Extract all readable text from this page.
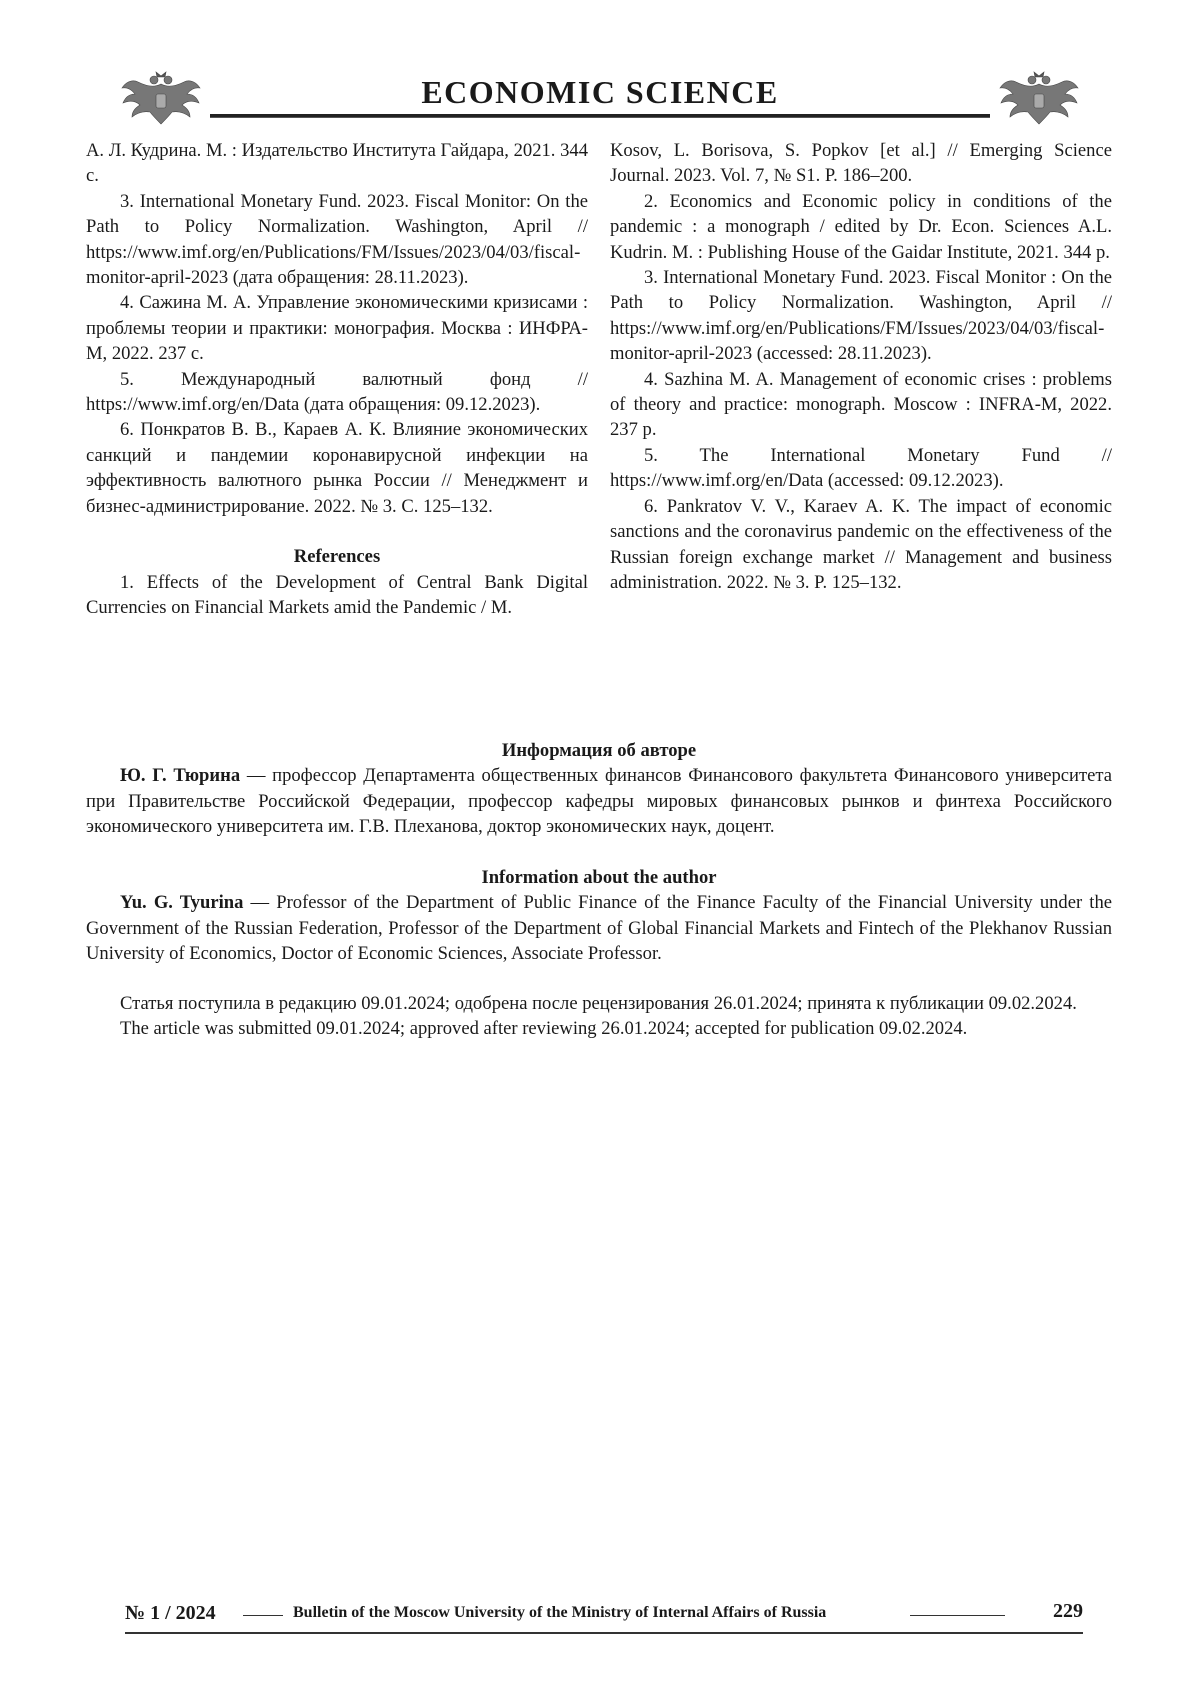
ECONOMIC SCIENCE

А. Л. Кудрина. М. : Издательство Института Гайдара, 2021. 344 с.

3. International Monetary Fund. 2023. Fiscal Monitor: On the Path to Policy Normalization. Washington, April // https://www.imf.org/en/Publications/FM/Issues/2023/04/03/fiscal-monitor-april-2023 (дата обращения: 28.11.2023).

4. Сажина М. А. Управление экономическими кризисами : проблемы теории и практики: монография. Москва : ИНФРА-М, 2022. 237 с.

5. Международный валютный фонд // https://www.imf.org/en/Data (дата обращения: 09.12.2023).

6. Понкратов В. В., Караев А. К. Влияние экономических санкций и пандемии коронавирусной инфекции на эффективность валютного рынка России // Менеджмент и бизнес-администрирование. 2022. № 3. С. 125–132.

References

1. Effects of the Development of Central Bank Digital Currencies on Financial Markets amid the Pandemic / M.

Kosov, L. Borisova, S. Popkov [et al.] // Emerging Science Journal. 2023. Vol. 7, № S1. P. 186–200.

2. Economics and Economic policy in conditions of the pandemic : a monograph / edited by Dr. Econ. Sciences A.L. Kudrin. M. : Publishing House of the Gaidar Institute, 2021. 344 p.

3. International Monetary Fund. 2023. Fiscal Monitor : On the Path to Policy Normalization. Washington, April // https://www.imf.org/en/Publications/FM/Issues/2023/04/03/fiscal-monitor-april-2023 (accessed: 28.11.2023).

4. Sazhina M. A. Management of economic crises : problems of theory and practice: monograph. Moscow : INFRA-M, 2022. 237 p.

5. The International Monetary Fund // https://www.imf.org/en/Data (accessed: 09.12.2023).

6. Pankratov V. V., Karaev A. K. The impact of economic sanctions and the coronavirus pandemic on the effectiveness of the Russian foreign exchange market // Management and business administration. 2022. № 3. P. 125–132.

Информация об авторе

Ю. Г. Тюрина — профессор Департамента общественных финансов Финансового факультета Финансового университета при Правительстве Российской Федерации, профессор кафедры мировых финансовых рынков и финтеха Российского экономического университета им. Г.В. Плеханова, доктор экономических наук, доцент.

Information about the author

Yu. G. Tyurina — Professor of the Department of Public Finance of the Finance Faculty of the Financial University under the Government of the Russian Federation, Professor of the Department of Global Financial Markets and Fintech of the Plekhanov Russian University of Economics, Doctor of Economic Sciences, Associate Professor.

Статья поступила в редакцию 09.01.2024; одобрена после рецензирования 26.01.2024; принята к публикации 09.02.2024.

The article was submitted 09.01.2024; approved after reviewing 26.01.2024; accepted for publication 09.02.2024.

№ 1 / 2024	Bulletin of the Moscow University of the Ministry of Internal Affairs of Russia	229
